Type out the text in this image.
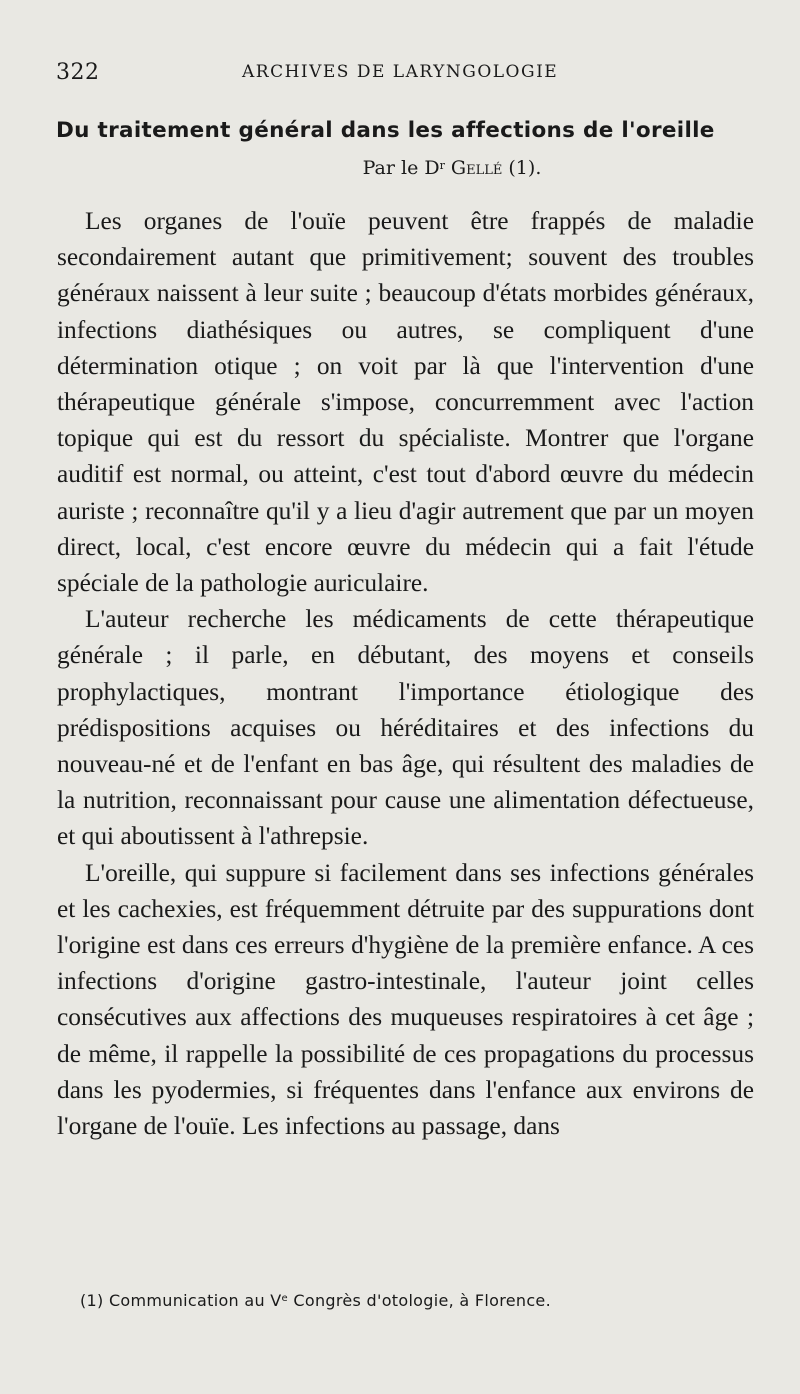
322	ARCHIVES DE LARYNGOLOGIE
Du traitement général dans les affections de l'oreille
Par le $D^r$ Gellé (1).

Les organes de l'ouïe peuvent être frappés de maladie secondairement autant que primitivement; souvent des troubles généraux naissent à leur suite ; beaucoup d'états morbides généraux, infections diathésiques ou autres, se compliquent d'une détermination otique ; on voit par là que l'intervention d'une thérapeutique générale s'impose, concurremment avec l'action topique qui est du ressort du spécialiste. Montrer que l'organe auditif est normal, ou atteint, c'est tout d'abord œuvre du médecin auriste ; reconnaître qu'il y a lieu d'agir autrement que par un moyen direct, local, c'est encore œuvre du médecin qui a fait l'étude spéciale de la pathologie auriculaire.

L'auteur recherche les médicaments de cette thérapeutique générale ; il parle, en débutant, des moyens et conseils prophylactiques, montrant l'importance étiologique des prédispositions acquises ou héréditaires et des infections du nouveau-né et de l'enfant en bas âge, qui résultent des maladies de la nutrition, reconnaissant pour cause une alimentation défectueuse, et qui aboutissent à l'athrepsie.

L'oreille, qui suppure si facilement dans ses infections générales et les cachexies, est fréquemment détruite par des suppurations dont l'origine est dans ces erreurs d'hygiène de la première enfance. A ces infections d'origine gastro-intestinale, l'auteur joint celles consécutives aux affections des muqueuses respiratoires à cet âge ; de même, il rappelle la possibilité de ces propagations du processus dans les pyodermies, si fréquentes dans l'enfance aux environs de l'organe de l'ouïe. Les infections au passage, dans

(1) Communication au Ve Congrès d'otologie, à Florence.
